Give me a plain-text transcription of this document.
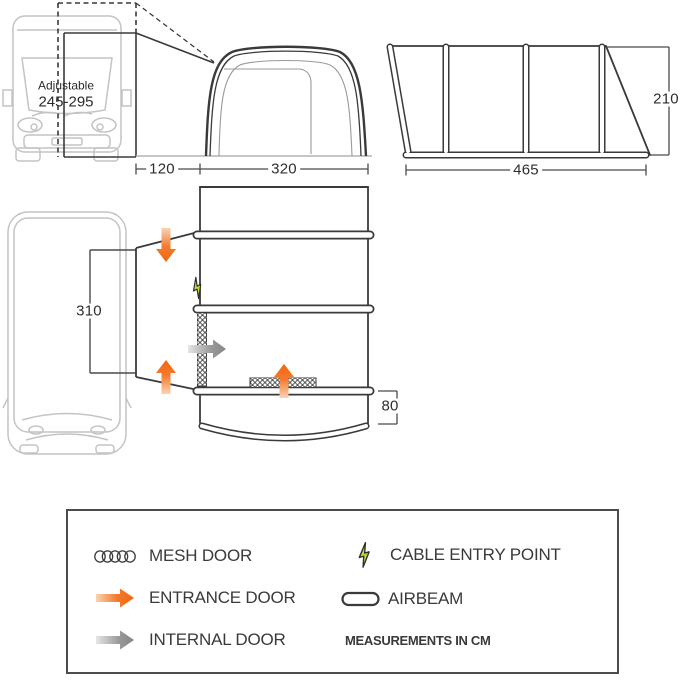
Adjustable
245-295
120	320	465
210
310
80
MESH DOOR
ENTRANCE DOOR
INTERNAL DOOR
CABLE ENTRY POINT
AIRBEAM
MEASUREMENTS IN CM
